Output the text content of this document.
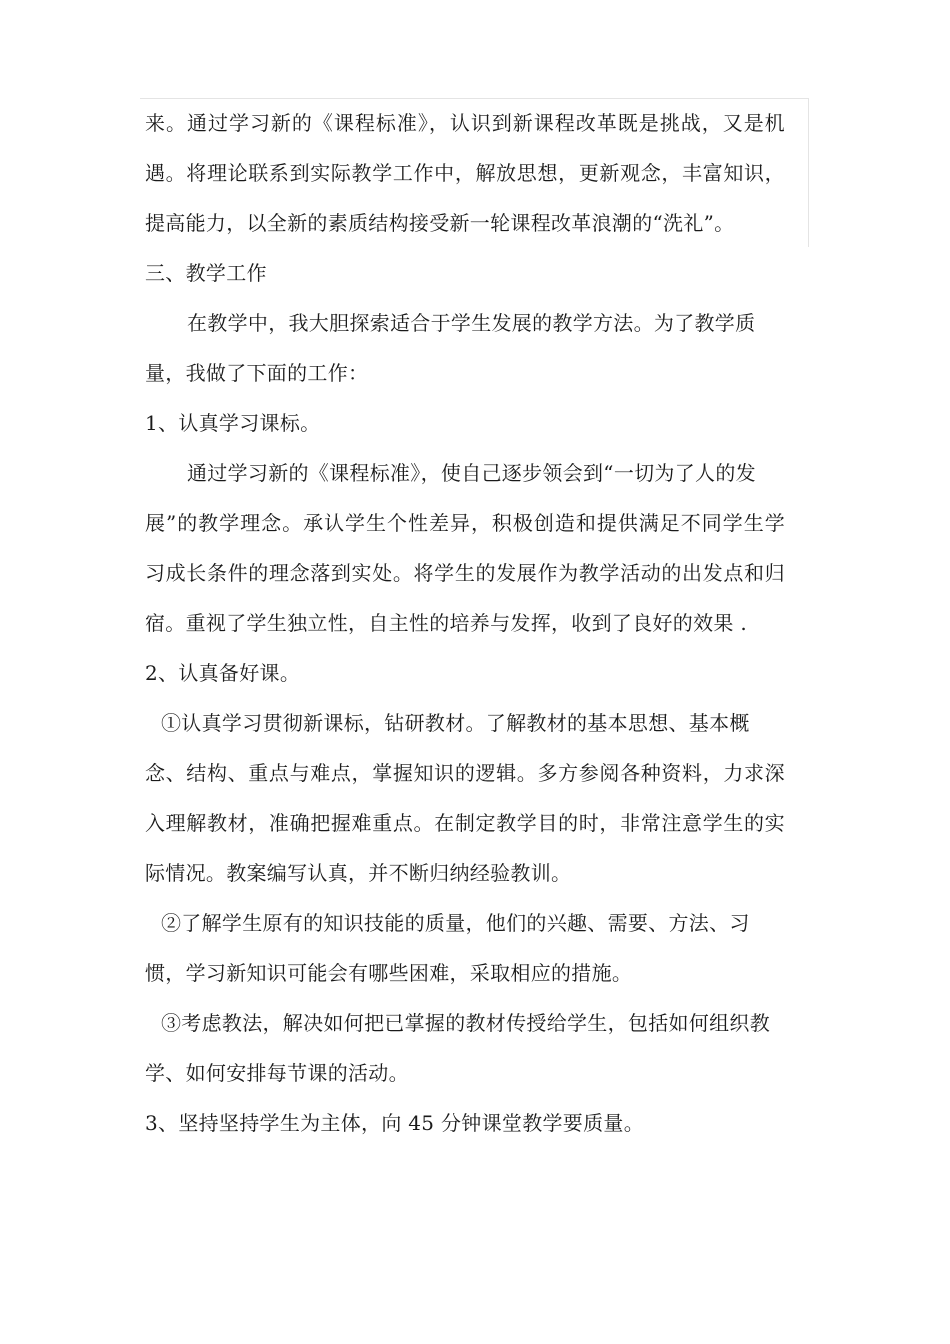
来。通过学习新的《课程标准》，认识到新课程改革既是挑战，又是机
遇。将理论联系到实际教学工作中，解放思想，更新观念，丰富知识，
提高能力，以全新的素质结构接受新一轮课程改革浪潮的“洗礼”。
三、教学工作
在教学中，我大胆探索适合于学生发展的教学方法。为了教学质
量，我做了下面的工作：
1、认真学习课标。
通过学习新的《课程标准》，使自己逐步领会到“一切为了人的发
展”的教学理念。承认学生个性差异，积极创造和提供满足不同学生学
习成长条件的理念落到实处。将学生的发展作为教学活动的出发点和归
宿。重视了学生独立性，自主性的培养与发挥，收到了良好的效果 .
2、认真备好课。
①认真学习贯彻新课标，钻研教材。了解教材的基本思想、基本概
念、结构、重点与难点，掌握知识的逻辑。多方参阅各种资料，力求深
入理解教材，准确把握难重点。在制定教学目的时，非常注意学生的实
际情况。教案编写认真，并不断归纳经验教训。
②了解学生原有的知识技能的质量，他们的兴趣、需要、方法、习
惯，学习新知识可能会有哪些困难，采取相应的措施。
③考虑教法，解决如何把已掌握的教材传授给学生，包括如何组织教
学、如何安排每节课的活动。
3、坚持坚持学生为主体，向 45 分钟课堂教学要质量。
